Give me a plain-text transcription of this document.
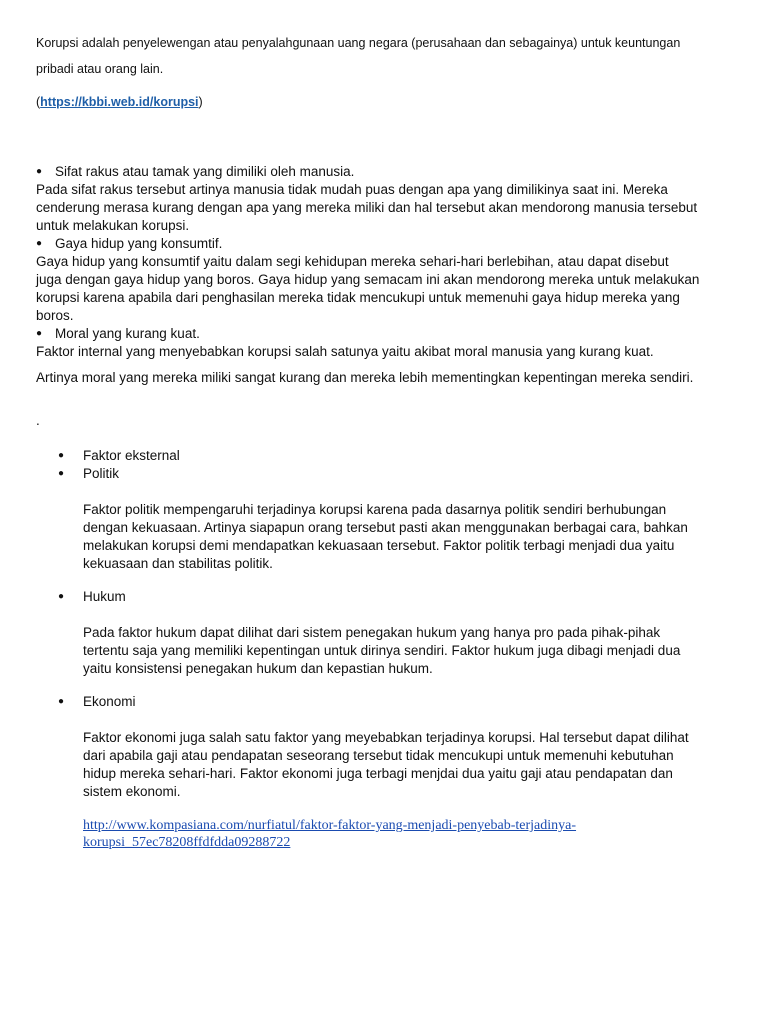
Korupsi adalah penyelewengan atau penyalahgunaan uang negara (perusahaan dan sebagainya) untuk keuntungan
pribadi atau orang lain.
(https://kbbi.web.id/korupsi)
● Sifat rakus atau tamak yang dimiliki oleh manusia.
Pada sifat rakus tersebut artinya manusia tidak mudah puas dengan apa yang dimilikinya saat ini. Mereka
cenderung merasa kurang dengan apa yang mereka miliki dan hal tersebut akan mendorong manusia tersebut
untuk melakukan korupsi.
● Gaya hidup yang konsumtif.
Gaya hidup yang konsumtif yaitu dalam segi kehidupan mereka sehari-hari berlebihan, atau dapat disebut
juga dengan gaya hidup yang boros. Gaya hidup yang semacam ini akan mendorong mereka untuk melakukan
korupsi karena apabila dari penghasilan mereka tidak mencukupi untuk memenuhi gaya hidup mereka yang
boros.
● Moral yang kurang kuat.
Faktor internal yang menyebabkan korupsi salah satunya yaitu akibat moral manusia yang kurang kuat.
Artinya moral yang mereka miliki sangat kurang dan mereka lebih mementingkan kepentingan mereka sendiri.
.
● Faktor eksternal
● Politik
Faktor politik mempengaruhi terjadinya korupsi karena pada dasarnya politik sendiri berhubungan
dengan kekuasaan. Artinya siapapun orang tersebut pasti akan menggunakan berbagai cara, bahkan
melakukan korupsi demi mendapatkan kekuasaan tersebut. Faktor politik terbagi menjadi dua yaitu
kekuasaan dan stabilitas politik.
● Hukum
Pada faktor hukum dapat dilihat dari sistem penegakan hukum yang hanya pro pada pihak-pihak
tertentu saja yang memiliki kepentingan untuk dirinya sendiri. Faktor hukum juga dibagi menjadi dua
yaitu konsistensi penegakan hukum dan kepastian hukum.
● Ekonomi
Faktor ekonomi juga salah satu faktor yang meyebabkan terjadinya korupsi. Hal tersebut dapat dilihat
dari apabila gaji atau pendapatan seseorang tersebut tidak mencukupi untuk memenuhi kebutuhan
hidup mereka sehari-hari. Faktor ekonomi juga terbagi menjdai dua yaitu gaji atau pendapatan dan
sistem ekonomi.
http://www.kompasiana.com/nurfiatul/faktor-faktor-yang-menjadi-penyebab-terjadinya-
korupsi_57ec78208ffdfdda09288722
